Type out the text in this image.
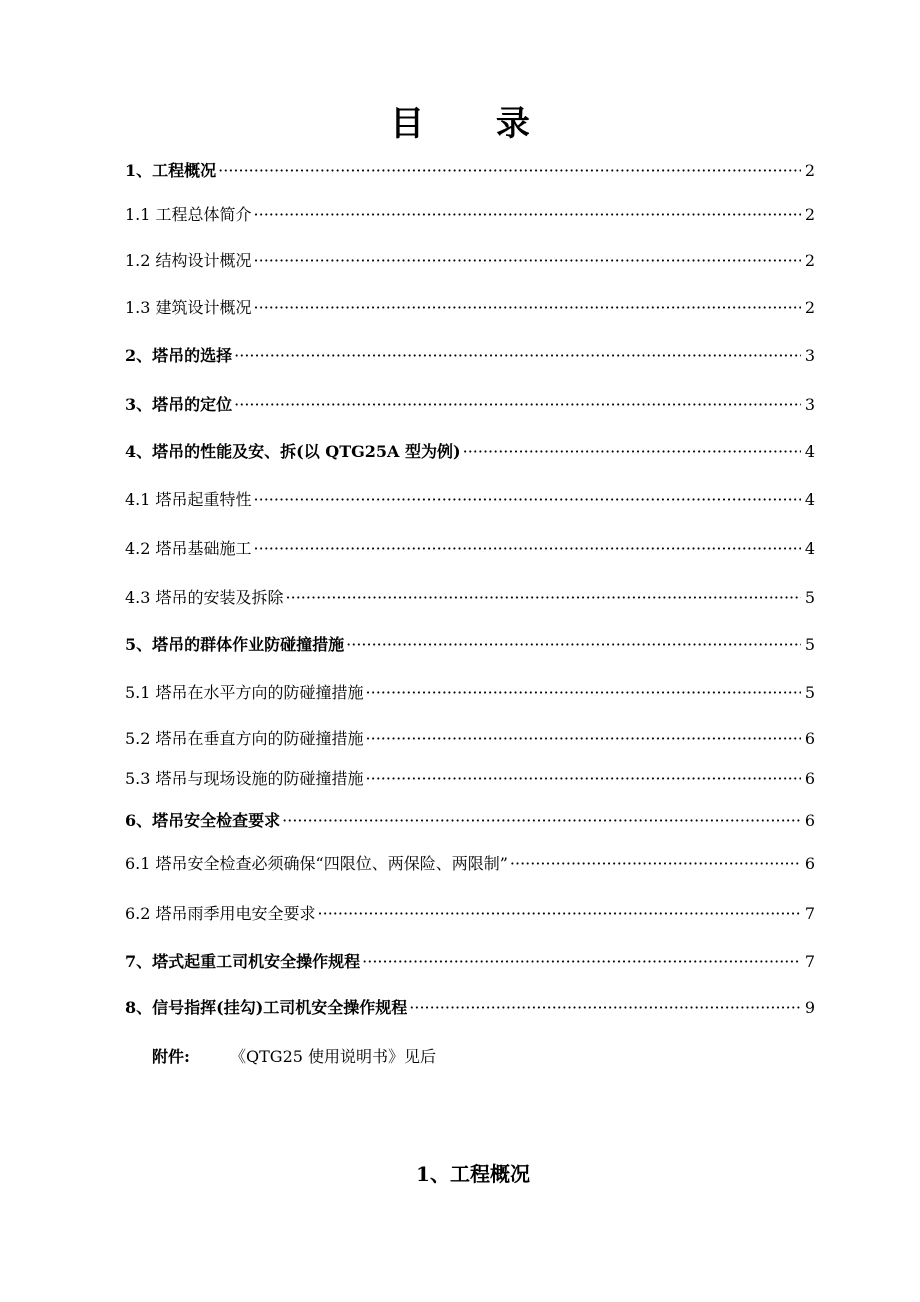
目 录
1、工程概况 ·····	2
1.1 工程总体简介 ·····	2
1.2 结构设计概况 ·····	2
1.3 建筑设计概况 ·····	2
2、塔吊的选择 ·····	3
3、塔吊的定位 ·····	3
4、塔吊的性能及安、拆(以 QTG25A 型为例) ·····	4
4.1 塔吊起重特性 ·····	4
4.2 塔吊基础施工 ·····	4
4.3 塔吊的安装及拆除 ·····	5
5、塔吊的群体作业防碰撞措施 ·····	5
5.1 塔吊在水平方向的防碰撞措施 ·····	5
5.2 塔吊在垂直方向的防碰撞措施 ·····	6
5.3 塔吊与现场设施的防碰撞措施 ·····	6
6、塔吊安全检查要求 ·····	6
6.1 塔吊安全检查必须确保“四限位、两保险、两限制” ·····	6
6.2 塔吊雨季用电安全要求 ·····	7
7、塔式起重工司机安全操作规程 ·····	7
8、信号指挥(挂勾)工司机安全操作规程 ·····	9
附件:	《QTG25 使用说明书》见后
1、工程概况
